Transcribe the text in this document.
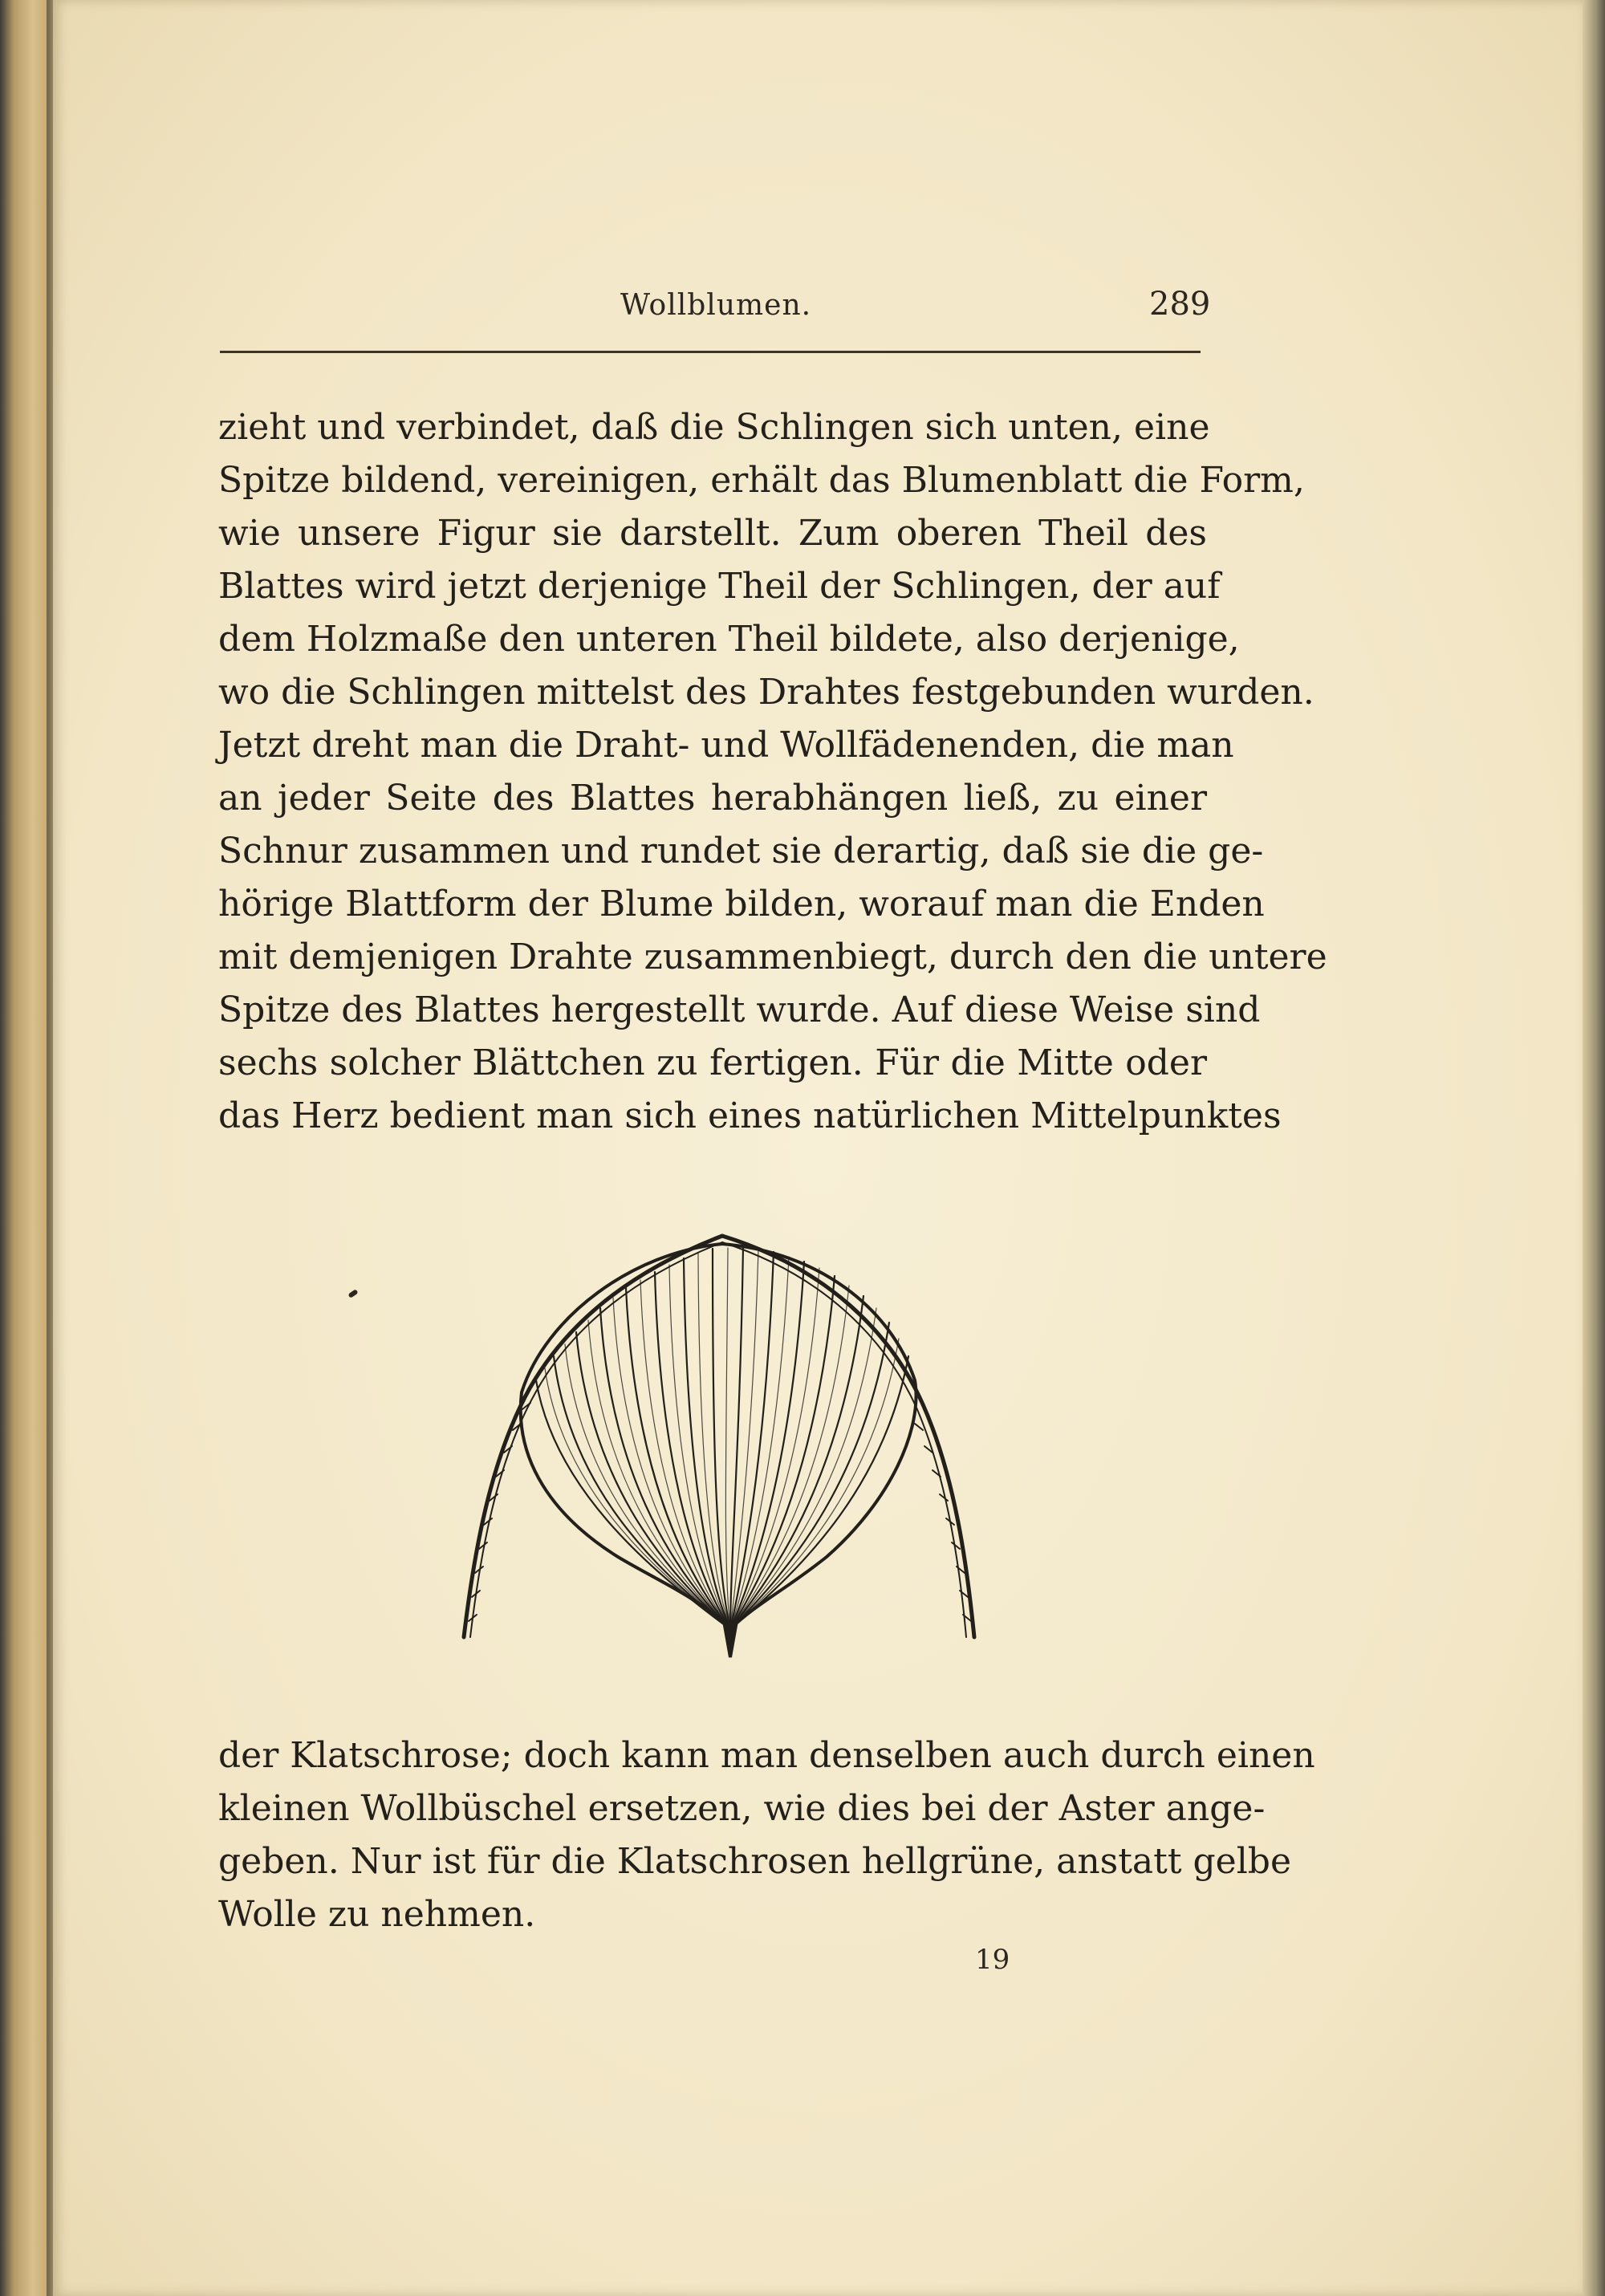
Wollblumen.	289
zieht und verbindet, daß die Schlingen sich unten, eine
Spitze bildend, vereinigen, erhält das Blumenblatt die Form,
wie unsere Figur sie darstellt. Zum oberen Theil des
Blattes wird jetzt derjenige Theil der Schlingen, der auf
dem Holzmaße den unteren Theil bildete, also derjenige,
wo die Schlingen mittelst des Drahtes festgebunden wurden.
Jetzt dreht man die Draht- und Wollfädenenden, die man
an jeder Seite des Blattes herabhängen ließ, zu einer
Schnur zusammen und rundet sie derartig, daß sie die ge-
hörige Blattform der Blume bilden, worauf man die Enden
mit demjenigen Drahte zusammenbiegt, durch den die untere
Spitze des Blattes hergestellt wurde. Auf diese Weise sind
sechs solcher Blättchen zu fertigen. Für die Mitte oder
das Herz bedient man sich eines natürlichen Mittelpunktes
der Klatschrose; doch kann man denselben auch durch einen
kleinen Wollbüschel ersetzen, wie dies bei der Aster ange-
geben. Nur ist für die Klatschrosen hellgrüne, anstatt gelbe
Wolle zu nehmen.
19
